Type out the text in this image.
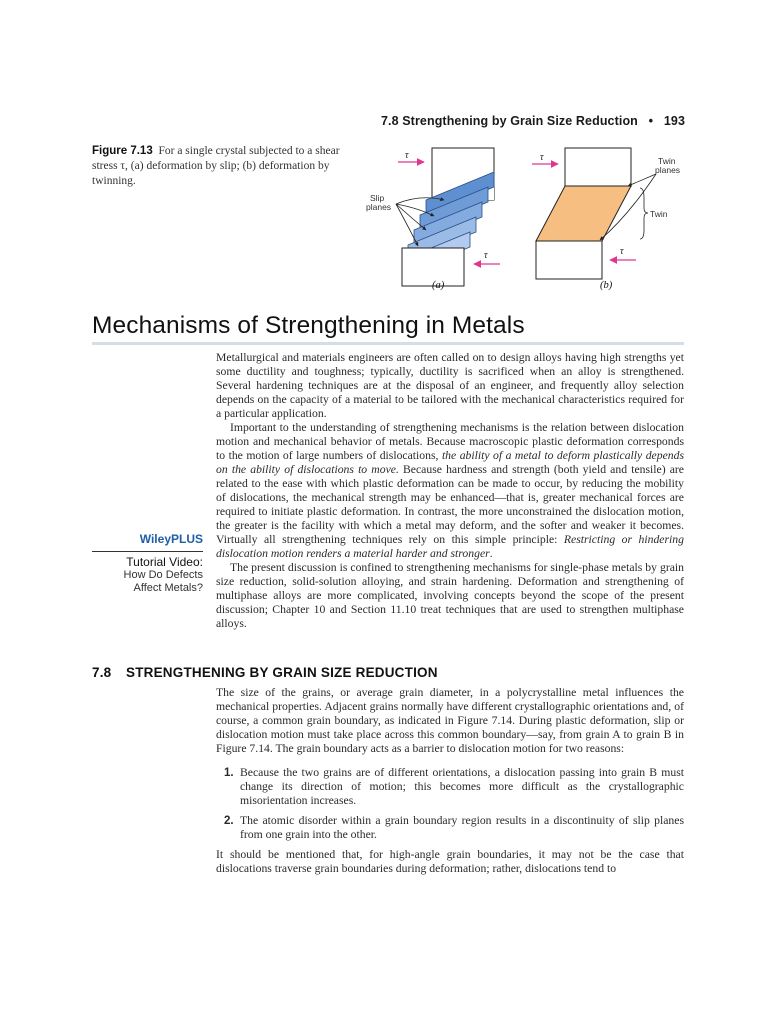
7.8 Strengthening by Grain Size Reduction • 193
Figure 7.13 For a single crystal subjected to a shear stress τ, (a) deformation by slip; (b) deformation by twinning.
τ
τ
Slip
planes
(a)
τ
τ
Twin
planes
Twin
(b)
Mechanisms of Strengthening in Metals

Metallurgical and materials engineers are often called on to design alloys having high strengths yet some ductility and toughness; typically, ductility is sacrificed when an alloy is strengthened. Several hardening techniques are at the disposal of an engineer, and frequently alloy selection depends on the capacity of a material to be tailored with the mechanical characteristics required for a particular application.

Important to the understanding of strengthening mechanisms is the relation between dislocation motion and mechanical behavior of metals. Because macroscopic plastic deformation corresponds to the motion of large numbers of dislocations, the ability of a metal to deform plastically depends on the ability of dislocations to move. Because hardness and strength (both yield and tensile) are related to the ease with which plastic deformation can be made to occur, by reducing the mobility of dislocations, the mechanical strength may be enhanced—that is, greater mechanical forces are required to initiate plastic deformation. In contrast, the more unconstrained the dislocation motion, the greater is the facility with which a metal may deform, and the softer and weaker it becomes. Virtually all strengthening techniques rely on this simple principle: Restricting or hindering dislocation motion renders a material harder and stronger.

The present discussion is confined to strengthening mechanisms for single-phase metals by grain size reduction, solid-solution alloying, and strain hardening. Deformation and strengthening of multiphase alloys are more complicated, involving concepts beyond the scope of the present discussion; Chapter 10 and Section 11.10 treat techniques that are used to strengthen multiphase alloys.

WileyPLUS
Tutorial Video:
How Do Defects
Affect Metals?
7.8 STRENGTHENING BY GRAIN SIZE REDUCTION

The size of the grains, or average grain diameter, in a polycrystalline metal influences the mechanical properties. Adjacent grains normally have different crystallographic orientations and, of course, a common grain boundary, as indicated in Figure 7.14. During plastic deformation, slip or dislocation motion must take place across this common boundary—say, from grain A to grain B in Figure 7.14. The grain boundary acts as a barrier to dislocation motion for two reasons:

1. Because the two grains are of different orientations, a dislocation passing into grain B must change its direction of motion; this becomes more difficult as the crystallographic misorientation increases.
2. The atomic disorder within a grain boundary region results in a discontinuity of slip planes from one grain into the other.

It should be mentioned that, for high-angle grain boundaries, it may not be the case that dislocations traverse grain boundaries during deformation; rather, dislocations tend to
